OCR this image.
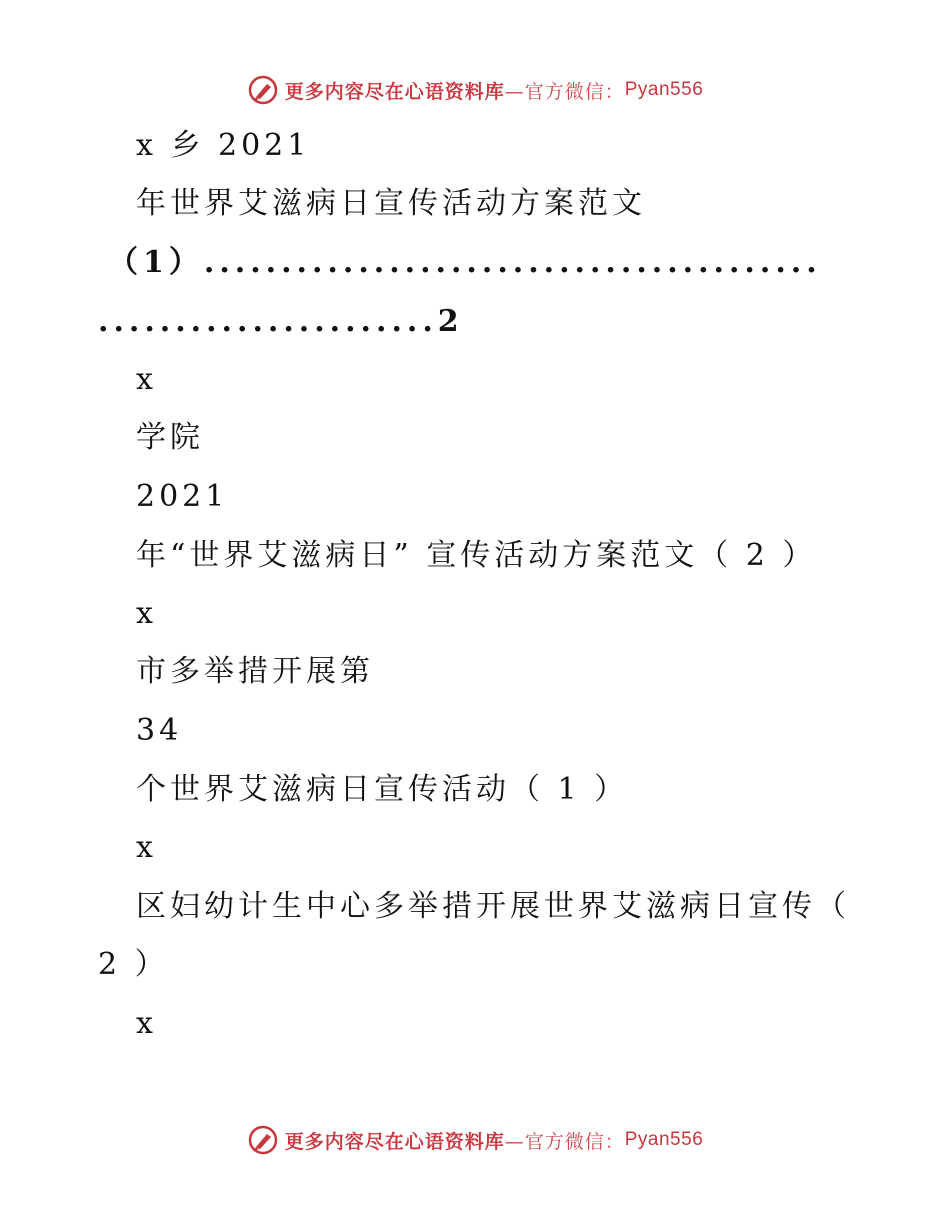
更多内容尽在心语资料库 —官方微信： Pyan556
x 乡 2021
年世界艾滋病日宣传活动方案范文
（1）........................................
......................2
x
学院
2021
年“世界艾滋病日” 宣传活动方案范文（ 2 ）
x
市多举措开展第
34
个世界艾滋病日宣传活动（ 1 ）
x
区妇幼计生中心多举措开展世界艾滋病日宣传（
2 ）
x
更多内容尽在心语资料库 —官方微信： Pyan556
